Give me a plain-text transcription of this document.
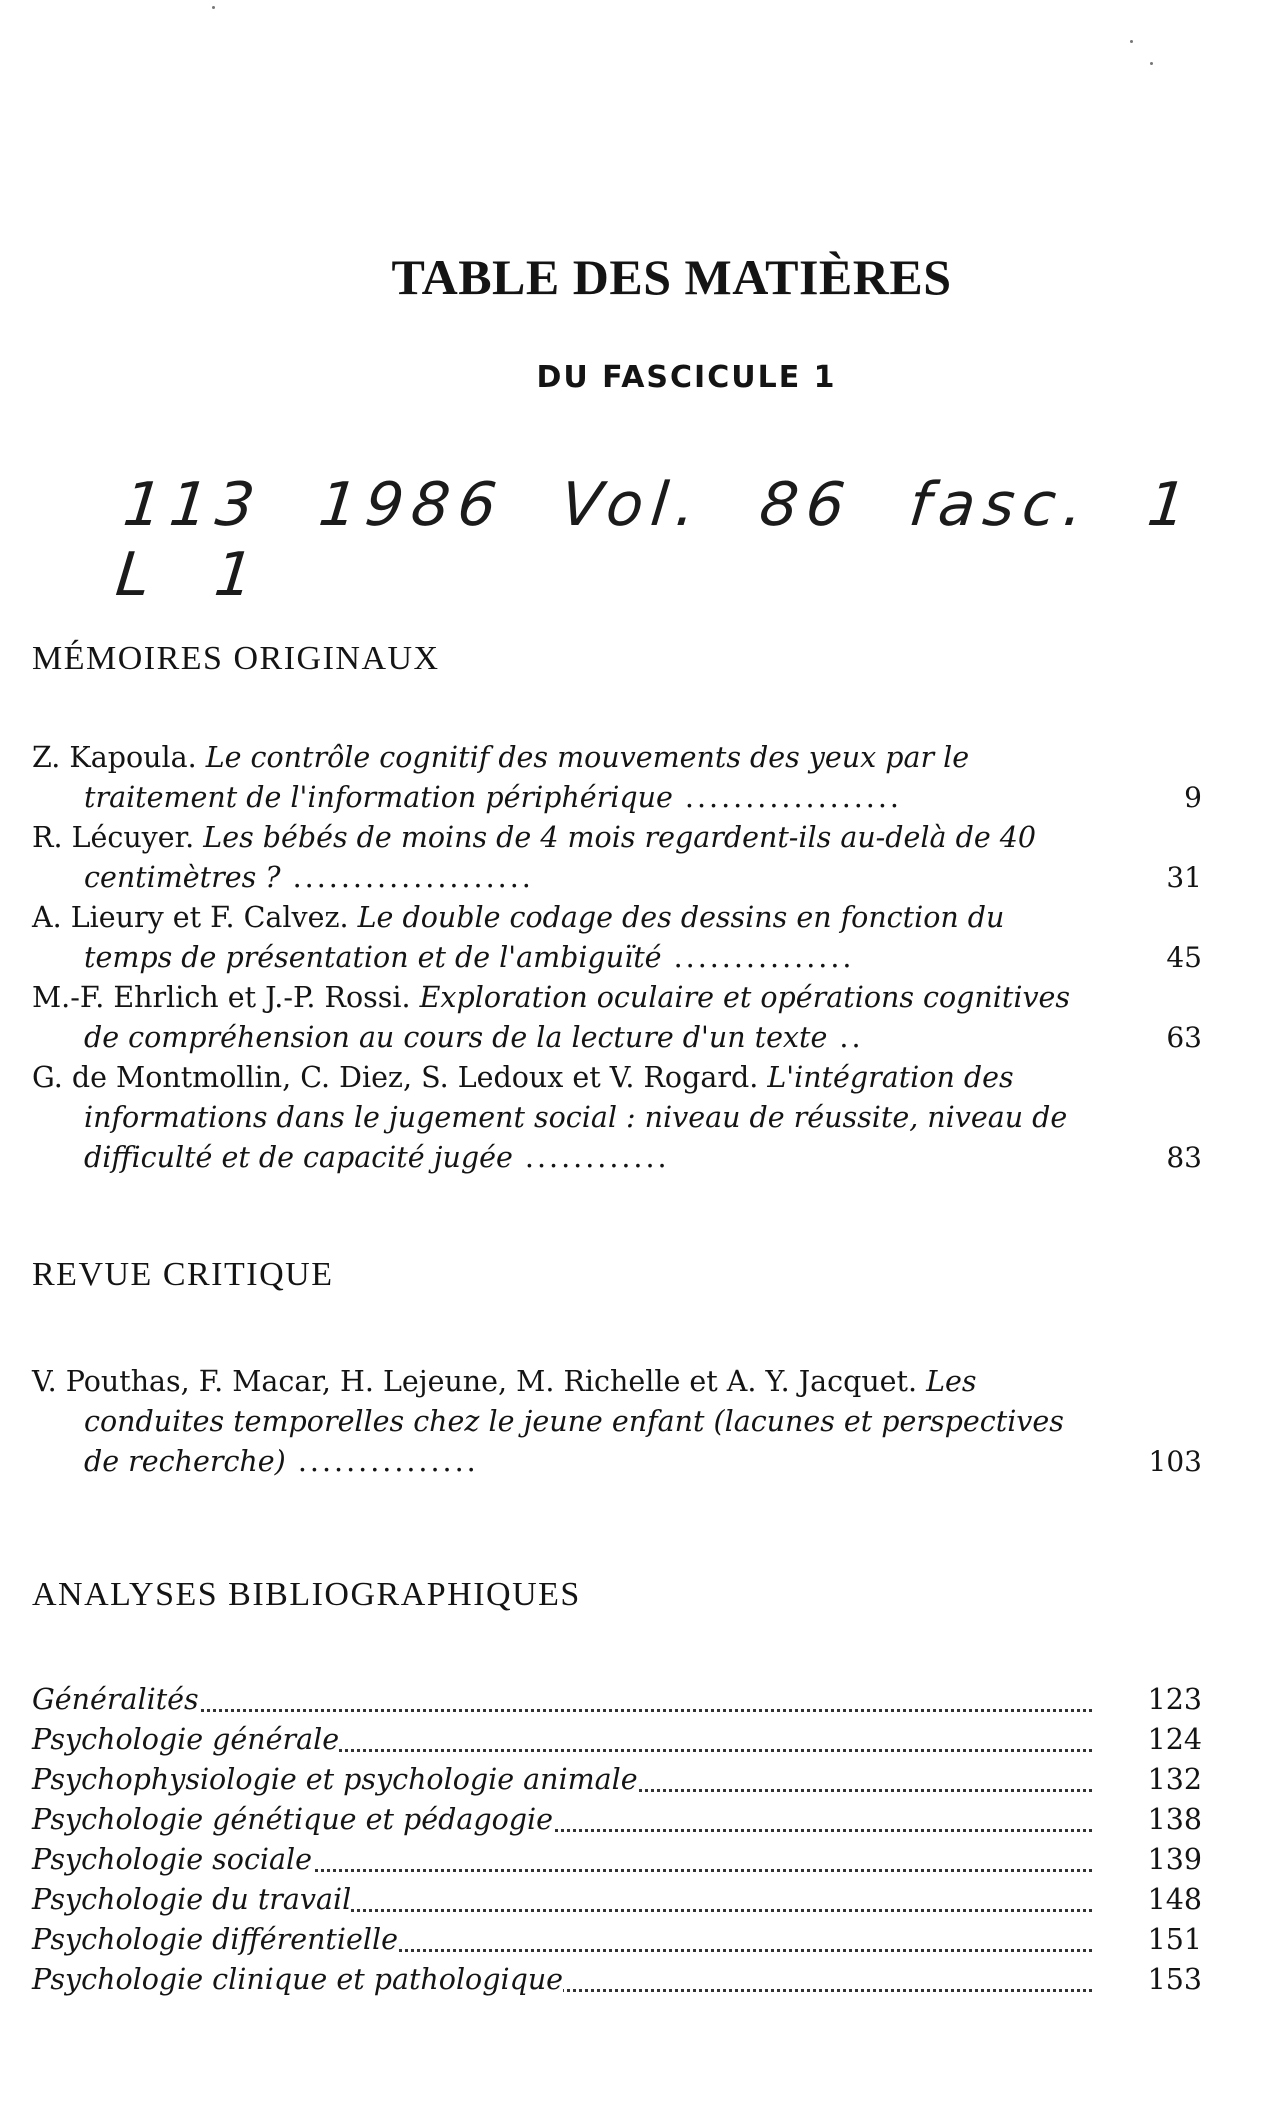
TABLE DES MATIÈRES
DU FASCICULE 1
113 1986 Vol. 86 fasc. 1 L 1
MÉMOIRES ORIGINAUX
Z. Kapoula. Le contrôle cognitif des mouvements des yeux par le traitement de l'information périphérique ..................	9
R. Lécuyer. Les bébés de moins de 4 mois regardent-ils au-delà de 40 centimètres ? ....................	31
A. Lieury et F. Calvez. Le double codage des dessins en fonction du temps de présentation et de l'ambiguïté ...............	45
M.-F. Ehrlich et J.-P. Rossi. Exploration oculaire et opérations cognitives de compréhension au cours de la lecture d'un texte ..	63
G. de Montmollin, C. Diez, S. Ledoux et V. Rogard. L'intégration des informations dans le jugement social : niveau de réussite, niveau de difficulté et de capacité jugée ............	83
REVUE CRITIQUE
V. Pouthas, F. Macar, H. Lejeune, M. Richelle et A. Y. Jacquet. Les conduites temporelles chez le jeune enfant (lacunes et perspectives de recherche) ...............	103
ANALYSES BIBLIOGRAPHIQUES
Généralités	123
Psychologie générale	124
Psychophysiologie et psychologie animale	132
Psychologie génétique et pédagogie	138
Psychologie sociale	139
Psychologie du travail	148
Psychologie différentielle	151
Psychologie clinique et pathologique	153
